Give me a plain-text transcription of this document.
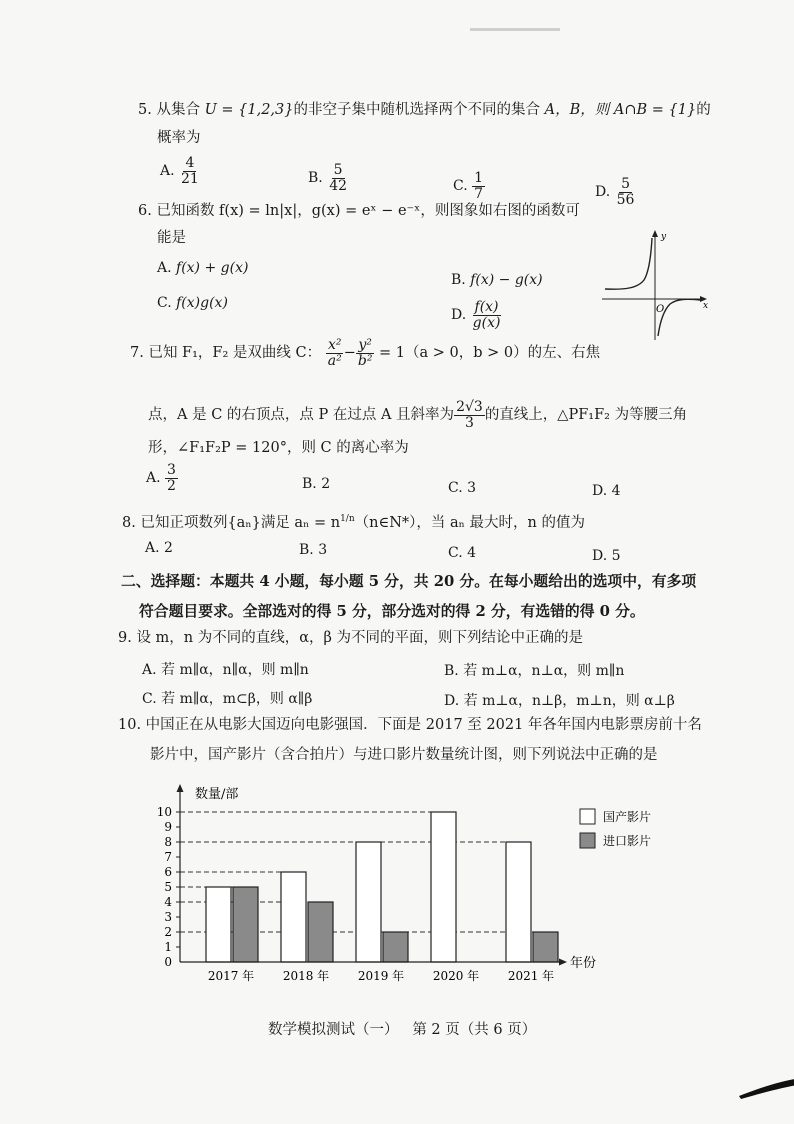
5. 从集合 U = {1,2,3}的非空子集中随机选择两个不同的集合 A，B，则 A∩B = {1}的
概率为
A. $\frac{4}{21}$	B. $\frac{5}{42}$	C. $\frac{1}{7}$	D. $\frac{5}{56}$
6. 已知函数 f(x) = ln|x|，g(x) = eˣ − e⁻ˣ，则图象如右图的函数可
能是
A. f(x) + g(x)
B. f(x) − g(x)
C. f(x)g(x)
D. $\frac{f(x)}{g(x)}$
y
O	x
7. 已知 F₁，F₂ 是双曲线 C： $\frac{\text{x²}}{\text{a²}} - \frac{\text{y²}}{\text{b²}} = 1(a > 0$，b > 0）的左、右焦
点，A 是 C 的右顶点，点 P 在过点 A 且斜率为 $\frac{2√3}{3}$ 的直线上，△PF₁F₂ 为等腰三角
形，∠F₁F₂P = 120°，则 C 的离心率为
A. $\frac{3}{2}$	B. 2	C. 3	D. 4
8. 已知正项数列{aₙ}满足 $a_n = n^{1/n}(n\in N*)$，当 aₙ 最大时，n 的值为
A. 2	B. 3	C. 4	D. 5
二、选择题：本题共 4 小题，每小题 5 分，共 20 分。在每小题给出的选项中，有多项
符合题目要求。全部选对的得 5 分，部分选对的得 2 分，有选错的得 0 分。
9. 设 m，n 为不同的直线，α，β 为不同的平面，则下列结论中正确的是
A. 若 m∥α，n∥α，则 m∥n	B. 若 m⊥α，n⊥α，则 m∥n
C. 若 m∥α，m⊂β，则 α∥β	D. 若 m⊥α，n⊥β，m⊥n，则 α⊥β
10. 中国正在从电影大国迈向电影强国．下面是 2017 至 2021 年各年国内电影票房前十名
影片中，国产影片（含合拍片）与进口影片数量统计图，则下列说法中正确的是
0
1
2
3
4
5
6
7
8
9
10
2017 年 2018 年 2019 年 2020 年 2021 年
数量/部
年份
国产影片
进口影片
数学模拟测试（一） 第 2 页（共 6 页）
